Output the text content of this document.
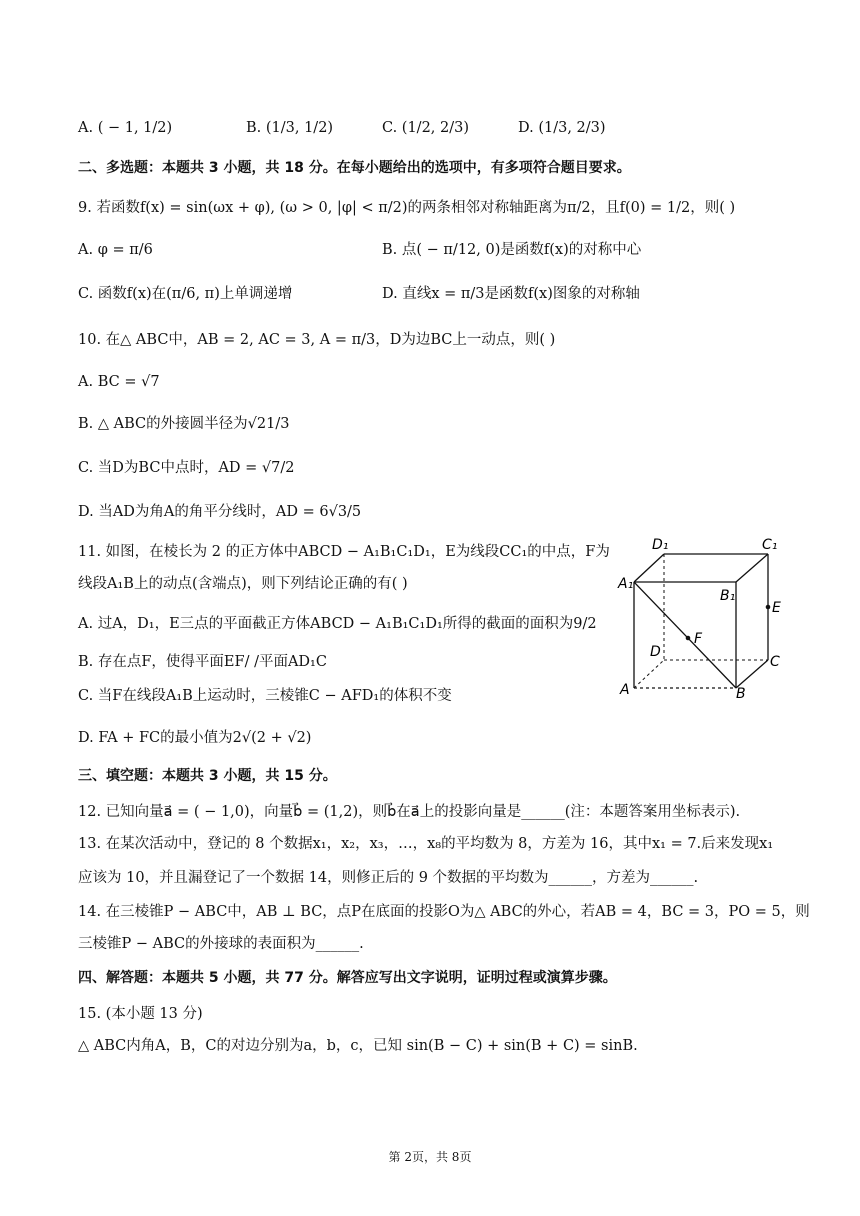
A. ( − 1, 1/2)	B. (1/3, 1/2)	C. (1/2, 2/3)	D. (1/3, 2/3)
二、多选题：本题共 3 小题，共 18 分。在每小题给出的选项中，有多项符合题目要求。
9. 若函数f(x) = sin(ωx + φ), (ω > 0, |φ| < π/2)的两条相邻对称轴距离为π/2，且f(0) = 1/2，则( )
A. φ = π/6	B. 点( − π/12, 0)是函数f(x)的对称中心
C. 函数f(x)在(π/6, π)上单调递增	D. 直线x = π/3是函数f(x)图象的对称轴
10. 在△ ABC中，AB = 2, AC = 3, A = π/3，D为边BC上一动点，则( )
A. BC = √7
B. △ ABC的外接圆半径为√21/3
C. 当D为BC中点时，AD = √7/2
D. 当AD为角A的角平分线时，AD = 6√3/5
11. 如图，在棱长为 2 的正方体中ABCD − A₁B₁C₁D₁，E为线段CC₁的中点，F为
线段A₁B上的动点(含端点)，则下列结论正确的有( )
A. 过A，D₁，E三点的平面截正方体ABCD − A₁B₁C₁D₁所得的截面的面积为9/2
B. 存在点F，使得平面EF/ /平面AD₁C
C. 当F在线段A₁B上运动时，三棱锥C − AFD₁的体积不变
D. FA + FC的最小值为2√(2 + √2)
D₁	C₁
A₁
B₁
E
F
D
C
A	B
三、填空题：本题共 3 小题，共 15 分。
12. 已知向量a⃗ = ( − 1,0)，向量b⃗ = (1,2)，则b⃗在a⃗上的投影向量是______(注：本题答案用坐标表示).
13. 在某次活动中，登记的 8 个数据x₁，x₂，x₃，…，x₈的平均数为 8，方差为 16，其中x₁ = 7.后来发现x₁
应该为 10，并且漏登记了一个数据 14，则修正后的 9 个数据的平均数为______，方差为______.
14. 在三棱锥P − ABC中，AB ⊥ BC，点P在底面的投影O为△ ABC的外心，若AB = 4，BC = 3，PO = 5，则
三棱锥P − ABC的外接球的表面积为______.
四、解答题：本题共 5 小题，共 77 分。解答应写出文字说明，证明过程或演算步骤。
15. (本小题 13 分)
△ ABC内角A，B，C的对边分别为a，b，c，已知 sin(B − C) + sin(B + C) = sinB.
第 2页，共 8页
